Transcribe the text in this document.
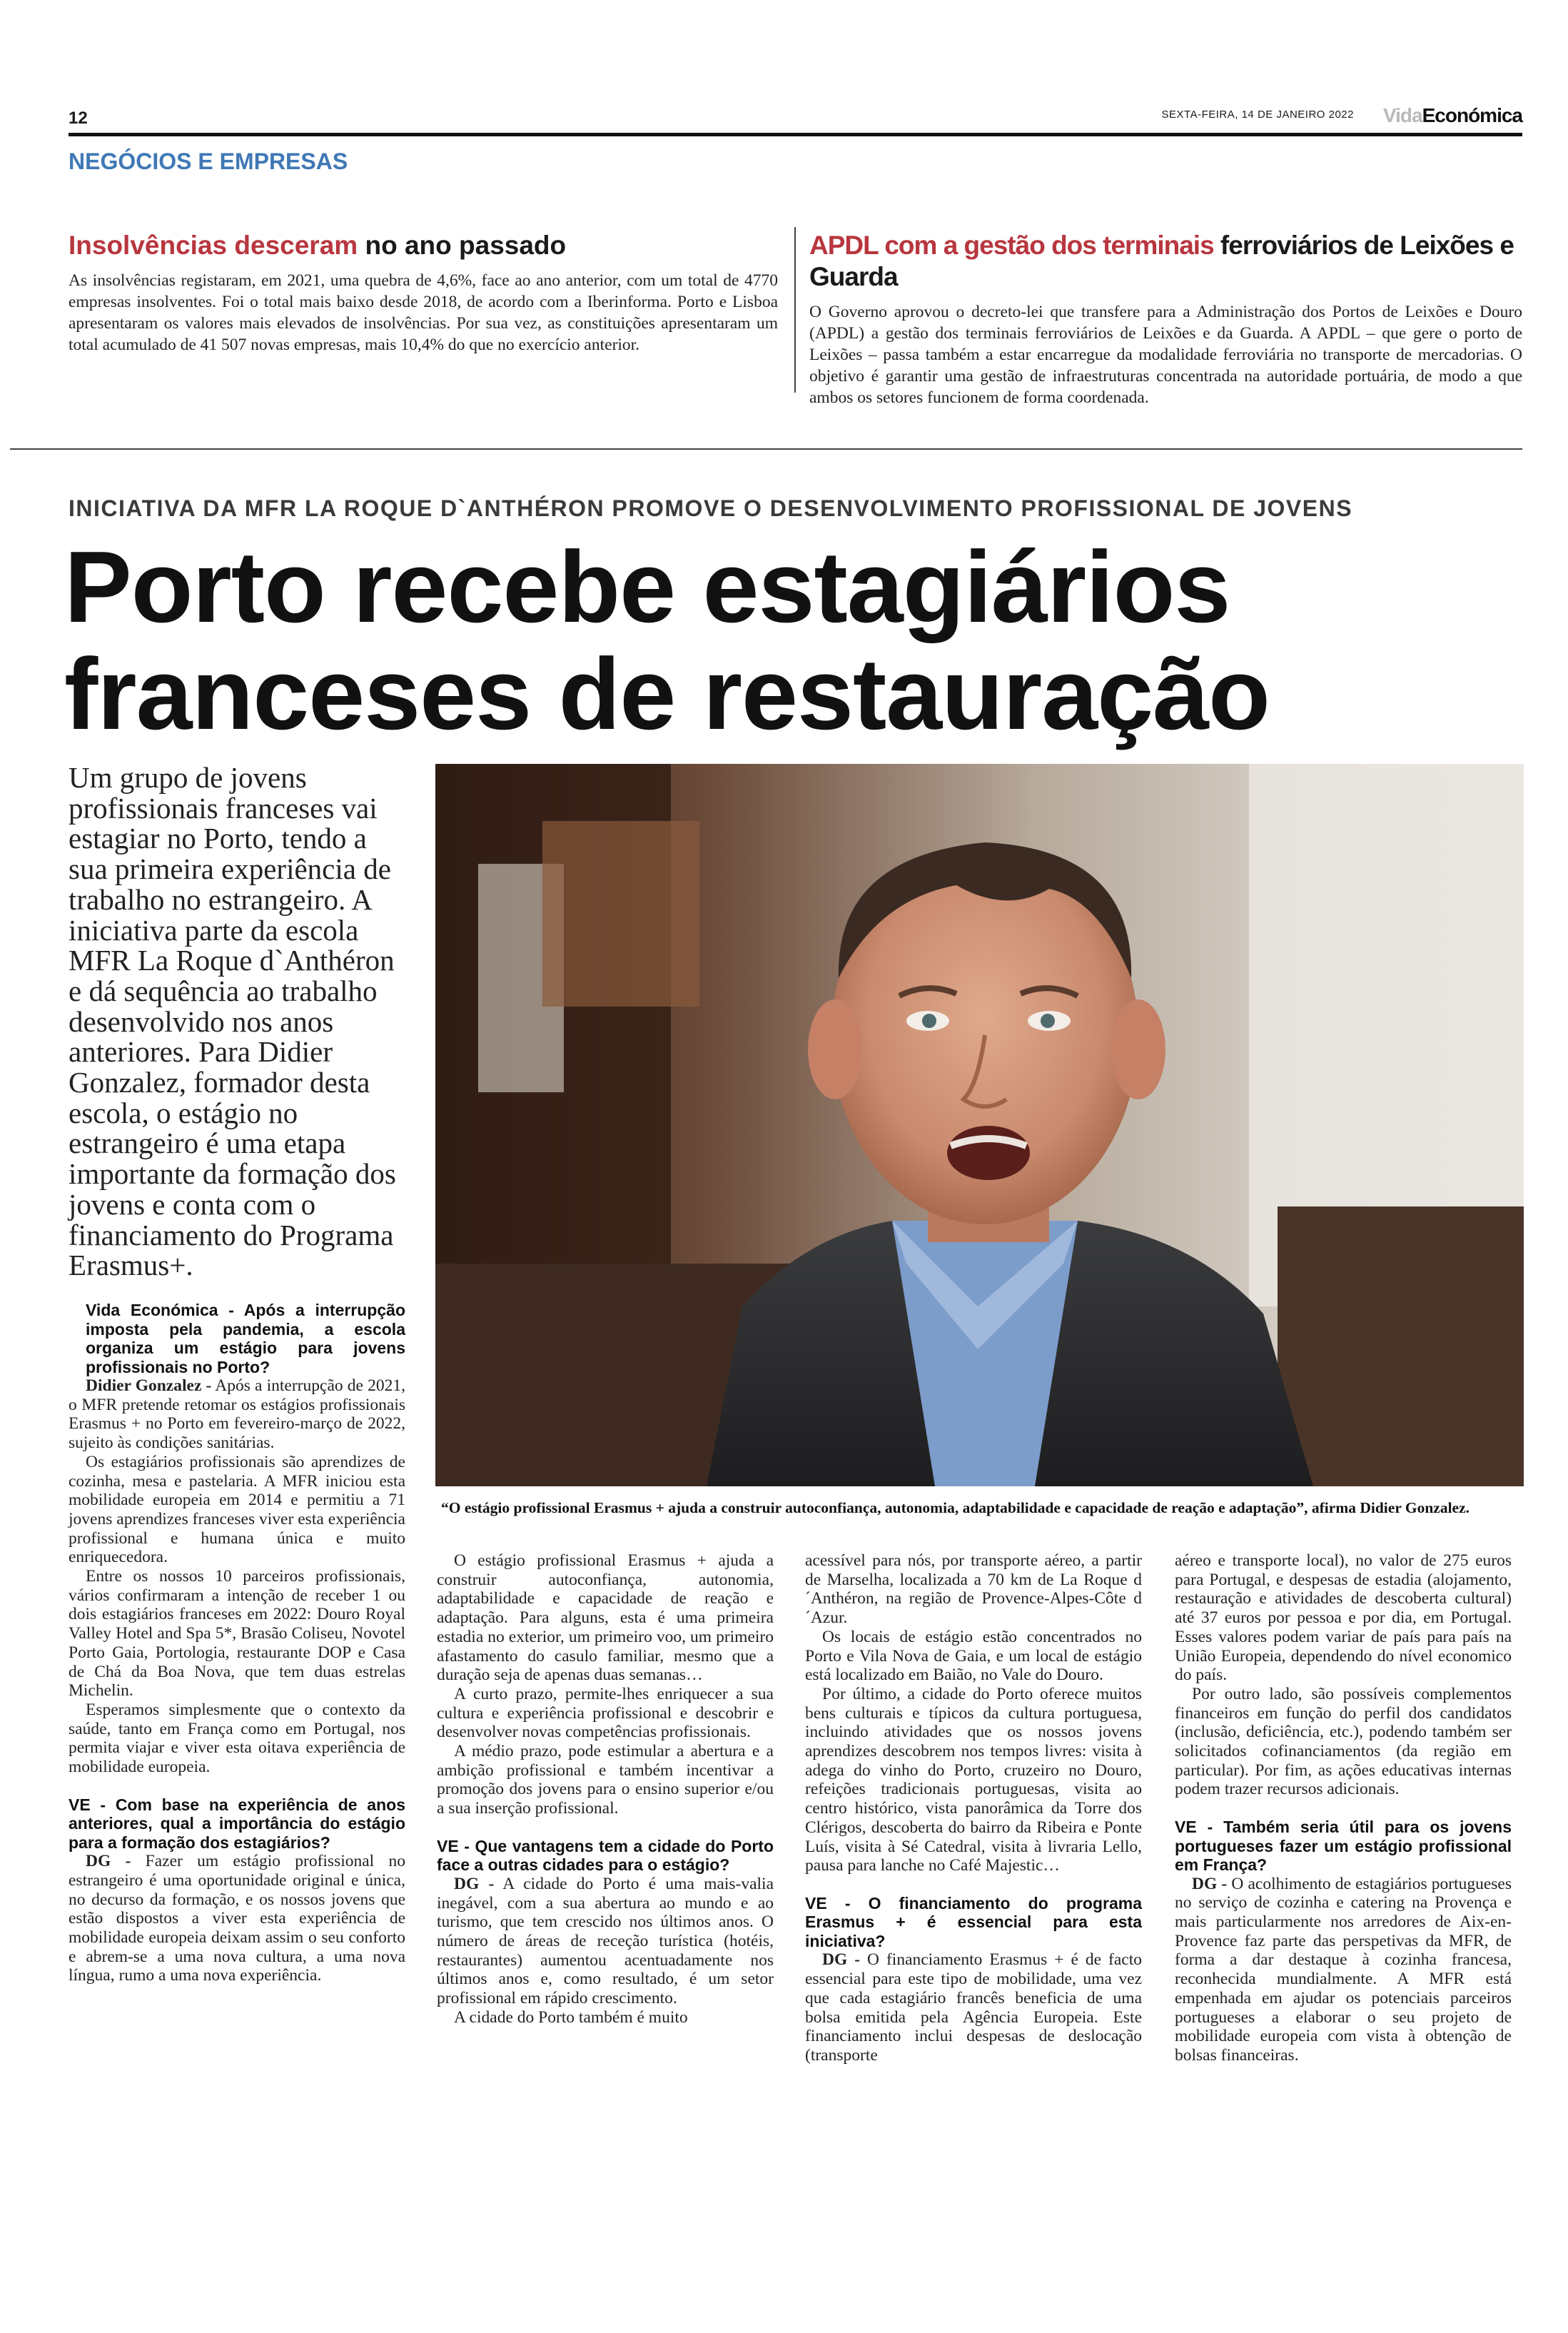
12	SEXTA-FEIRA, 14 DE JANEIRO 2022 VidaEconómica
NEGÓCIOS E EMPRESAS
Insolvências desceram no ano passado
As insolvências registaram, em 2021, uma quebra de 4,6%, face ao ano anterior, com um total de 4770 empresas insolventes. Foi o total mais baixo desde 2018, de acordo com a Iberinforma. Porto e Lisboa apresentaram os valores mais elevados de insolvências. Por sua vez, as constituições apresentaram um total acumulado de 41 507 novas empresas, mais 10,4% do que no exercício anterior.
APDL com a gestão dos terminais ferroviários de Leixões e Guarda
O Governo aprovou o decreto-lei que transfere para a Administração dos Portos de Leixões e Douro (APDL) a gestão dos terminais ferroviários de Leixões e da Guarda. A APDL – que gere o porto de Leixões – passa também a estar encarregue da modalidade ferroviária no transporte de mercadorias. O objetivo é garantir uma gestão de infraestruturas concentrada na autoridade portuária, de modo a que ambos os setores funcionem de forma coordenada.
INICIATIVA DA MFR LA ROQUE D`ANTHÉRON PROMOVE O DESENVOLVIMENTO PROFISSIONAL DE JOVENS
Porto recebe estagiários
franceses de restauração
Um grupo de jovens profissionais franceses vai estagiar no Porto, tendo a sua primeira experiência de trabalho no estrangeiro. A iniciativa parte da escola MFR La Roque d`Anthéron e dá sequência ao trabalho desenvolvido nos anos anteriores. Para Didier Gonzalez, formador desta escola, o estágio no estrangeiro é uma etapa importante da formação dos jovens e conta com o financiamento do Programa Erasmus+.
“O estágio profissional Erasmus + ajuda a construir autoconfiança, autonomia, adaptabilidade e capacidade de reação e adaptação”, afirma Didier Gonzalez.

Vida Económica - Após a interrupção imposta pela pandemia, a escola organiza um estágio para jovens profissionais no Porto?

Didier Gonzalez - Após a interrupção de 2021, o MFR pretende retomar os estágios profissionais Erasmus + no Porto em fevereiro-março de 2022, sujeito às condições sanitárias.

Os estagiários profissionais são aprendizes de cozinha, mesa e pastelaria. A MFR iniciou esta mobilidade europeia em 2014 e permitiu a 71 jovens aprendizes franceses viver esta experiência profissional e humana única e muito enriquecedora.

Entre os nossos 10 parceiros profissionais, vários confirmaram a intenção de receber 1 ou dois estagiários franceses em 2022: Douro Royal Valley Hotel and Spa 5*, Brasão Coliseu, Novotel Porto Gaia, Portologia, restaurante DOP e Casa de Chá da Boa Nova, que tem duas estrelas Michelin.

Esperamos simplesmente que o contexto da saúde, tanto em França como em Portugal, nos permita viajar e viver esta oitava experiência de mobilidade europeia.

VE - Com base na experiência de anos anteriores, qual a importância do estágio para a formação dos estagiários?

DG - Fazer um estágio profissional no estrangeiro é uma oportunidade original e única, no decurso da formação, e os nossos jovens que estão dispostos a viver esta experiência de mobilidade europeia deixam assim o seu conforto e abrem-se a uma nova cultura, a uma nova língua, rumo a uma nova experiência.

O estágio profissional Erasmus + ajuda a construir autoconfiança, autonomia, adaptabilidade e capacidade de reação e adaptação. Para alguns, esta é uma primeira estadia no exterior, um primeiro voo, um primeiro afastamento do casulo familiar, mesmo que a duração seja de apenas duas semanas…

A curto prazo, permite-lhes enriquecer a sua cultura e experiência profissional e descobrir e desenvolver novas competências profissionais.

A médio prazo, pode estimular a abertura e a ambição profissional e também incentivar a promoção dos jovens para o ensino superior e/ou a sua inserção profissional.

VE - Que vantagens tem a cidade do Porto face a outras cidades para o estágio?

DG - A cidade do Porto é uma mais-valia inegável, com a sua abertura ao mundo e ao turismo, que tem crescido nos últimos anos. O número de áreas de receção turística (hotéis, restaurantes) aumentou acentuadamente nos últimos anos e, como resultado, é um setor profissional em rápido crescimento.

A cidade do Porto também é muito

acessível para nós, por transporte aéreo, a partir de Marselha, localizada a 70 km de La Roque d´Anthéron, na região de Provence-Alpes-Côte d´Azur.

Os locais de estágio estão concentrados no Porto e Vila Nova de Gaia, e um local de estágio está localizado em Baião, no Vale do Douro.

Por último, a cidade do Porto oferece muitos bens culturais e típicos da cultura portuguesa, incluindo atividades que os nossos jovens aprendizes descobrem nos tempos livres: visita à adega do vinho do Porto, cruzeiro no Douro, refeições tradicionais portuguesas, visita ao centro histórico, vista panorâmica da Torre dos Clérigos, descoberta do bairro da Ribeira e Ponte Luís, visita à Sé Catedral, visita à livraria Lello, pausa para lanche no Café Majestic…

VE - O financiamento do programa Erasmus + é essencial para esta iniciativa?

DG - O financiamento Erasmus + é de facto essencial para este tipo de mobilidade, uma vez que cada estagiário francês beneficia de uma bolsa emitida pela Agência Europeia. Este financiamento inclui despesas de deslocação (transporte

aéreo e transporte local), no valor de 275 euros para Portugal, e despesas de estadia (alojamento, restauração e atividades de descoberta cultural) até 37 euros por pessoa e por dia, em Portugal. Esses valores podem variar de país para país na União Europeia, dependendo do nível economico do país.

Por outro lado, são possíveis complementos financeiros em função do perfil dos candidatos (inclusão, deficiência, etc.), podendo também ser solicitados cofinanciamentos (da região em particular). Por fim, as ações educativas internas podem trazer recursos adicionais.

VE - Também seria útil para os jovens portugueses fazer um estágio profissional em França?

DG - O acolhimento de estagiários portugueses no serviço de cozinha e catering na Provença e mais particularmente nos arredores de Aix-en-Provence faz parte das perspetivas da MFR, de forma a dar destaque à cozinha francesa, reconhecida mundialmente. A MFR está empenhada em ajudar os potenciais parceiros portugueses a elaborar o seu projeto de mobilidade europeia com vista à obtenção de bolsas financeiras.
